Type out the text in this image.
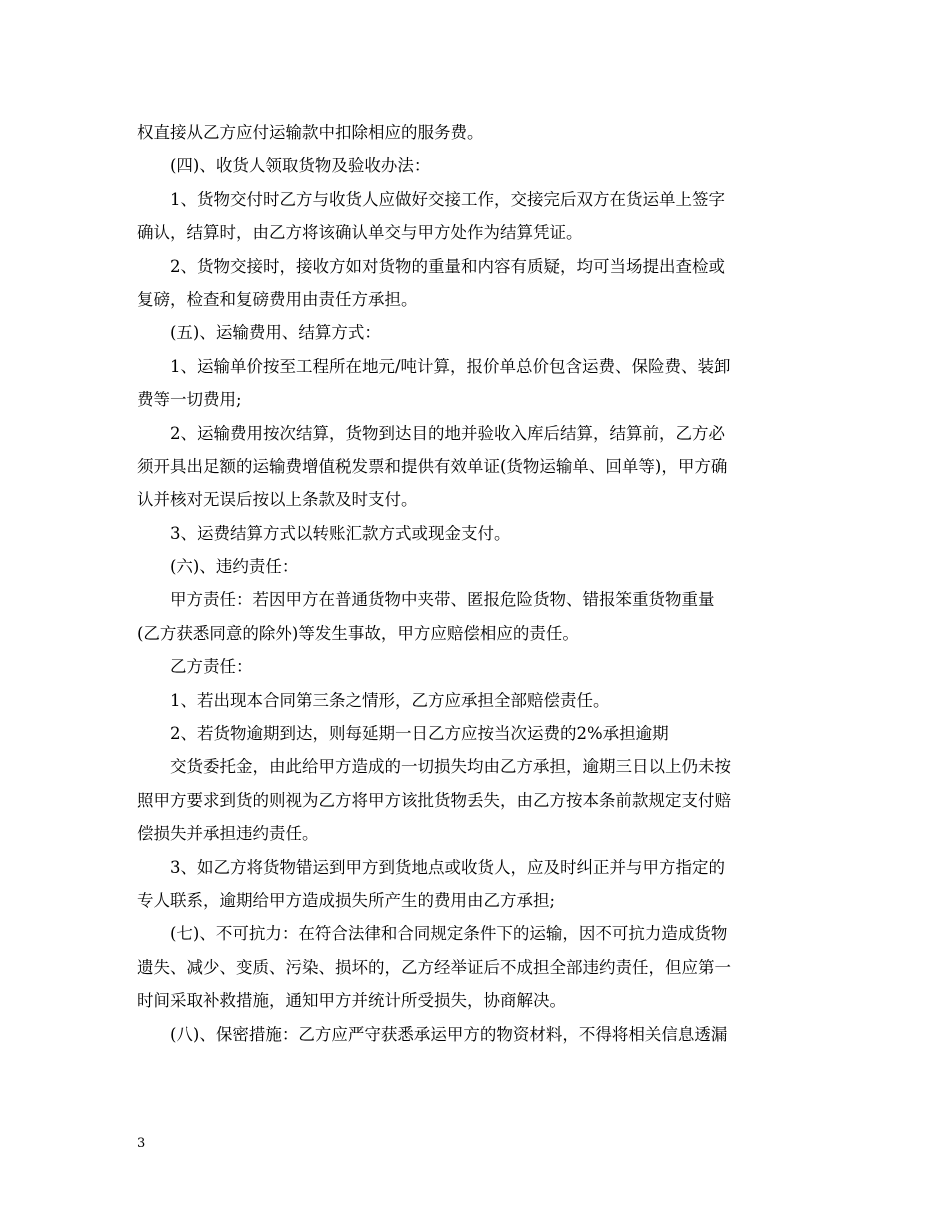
权直接从乙方应付运输款中扣除相应的服务费。
(四)、收货人领取货物及验收办法：
1、货物交付时乙方与收货人应做好交接工作，交接完后双方在货运单上签字
确认，结算时，由乙方将该确认单交与甲方处作为结算凭证。
2、货物交接时，接收方如对货物的重量和内容有质疑，均可当场提出查检或
复磅，检查和复磅费用由责任方承担。
(五)、运输费用、结算方式：
1、运输单价按至工程所在地元/吨计算，报价单总价包含运费、保险费、装卸
费等一切费用;
2、运输费用按次结算，货物到达目的地并验收入库后结算，结算前，乙方必
须开具出足额的运输费增值税发票和提供有效单证(货物运输单、回单等)，甲方确
认并核对无误后按以上条款及时支付。
3、运费结算方式以转账汇款方式或现金支付。
(六)、违约责任：
甲方责任：若因甲方在普通货物中夹带、匿报危险货物、错报笨重货物重量
(乙方获悉同意的除外)等发生事故，甲方应赔偿相应的责任。
乙方责任：
1、若出现本合同第三条之情形，乙方应承担全部赔偿责任。
2、若货物逾期到达，则每延期一日乙方应按当次运费的2%承担逾期
交货委托金，由此给甲方造成的一切损失均由乙方承担，逾期三日以上仍未按
照甲方要求到货的则视为乙方将甲方该批货物丢失，由乙方按本条前款规定支付赔
偿损失并承担违约责任。
3、如乙方将货物错运到甲方到货地点或收货人，应及时纠正并与甲方指定的
专人联系，逾期给甲方造成损失所产生的费用由乙方承担;
(七)、不可抗力：在符合法律和合同规定条件下的运输，因不可抗力造成货物
遗失、减少、变质、污染、损坏的，乙方经举证后不成担全部违约责任，但应第一
时间采取补救措施，通知甲方并统计所受损失，协商解决。
(八)、保密措施：乙方应严守获悉承运甲方的物资材料，不得将相关信息透漏
3
